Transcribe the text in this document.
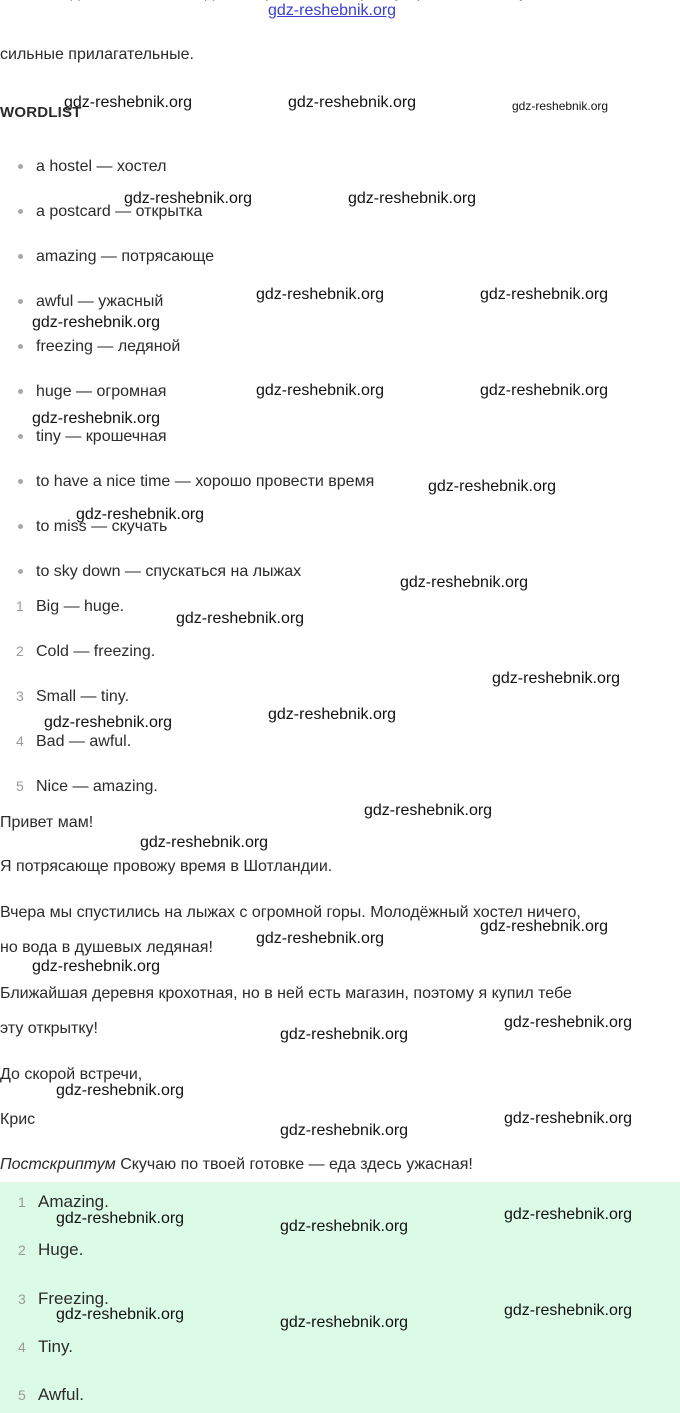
gdz-reshebnik.org
сильные прилагательные.
WORDLIST
a hostel — хостел
a postcard — открытка
amazing — потрясающе
awful — ужасный
freezing — ледяной
huge — огромная
tiny — крошечная
to have a nice time — хорошо провести время
to miss — скучать
to sky down — спускаться на лыжах
1 Big — huge.
2 Cold — freezing.
3 Small — tiny.
4 Bad — awful.
5 Nice — amazing.
Привет мам!
Я потрясающе провожу время в Шотландии.
Вчера мы спустились на лыжах с огромной горы. Молодёжный хостел ничего,
но вода в душевых ледяная!
Ближайшая деревня крохотная, но в ней есть магазин, поэтому я купил тебе
эту открытку!
До скорой встречи,
Крис
Постскриптум Скучаю по твоей готовке — еда здесь ужасная!
1 Amazing.
2 Huge.
3 Freezing.
4 Tiny.
5 Awful.
gdz-reshebnik.org	gdz-reshebnik.org	gdz-reshebnik.org
gdz-reshebnik.org	gdz-reshebnik.org
gdz-reshebnik.org	gdz-reshebnik.org
gdz-reshebnik.org
gdz-reshebnik.org	gdz-reshebnik.org
gdz-reshebnik.org
gdz-reshebnik.org
gdz-reshebnik.org
gdz-reshebnik.org
gdz-reshebnik.org
gdz-reshebnik.org
gdz-reshebnik.org
gdz-reshebnik.org
gdz-reshebnik.org
gdz-reshebnik.org
gdz-reshebnik.org
gdz-reshebnik.org
gdz-reshebnik.org
gdz-reshebnik.org
gdz-reshebnik.org
gdz-reshebnik.org
gdz-reshebnik.org
gdz-reshebnik.org
gdz-reshebnik.org
gdz-reshebnik.org	gdz-reshebnik.org
gdz-reshebnik.org
gdz-reshebnik.org	gdz-reshebnik.org
